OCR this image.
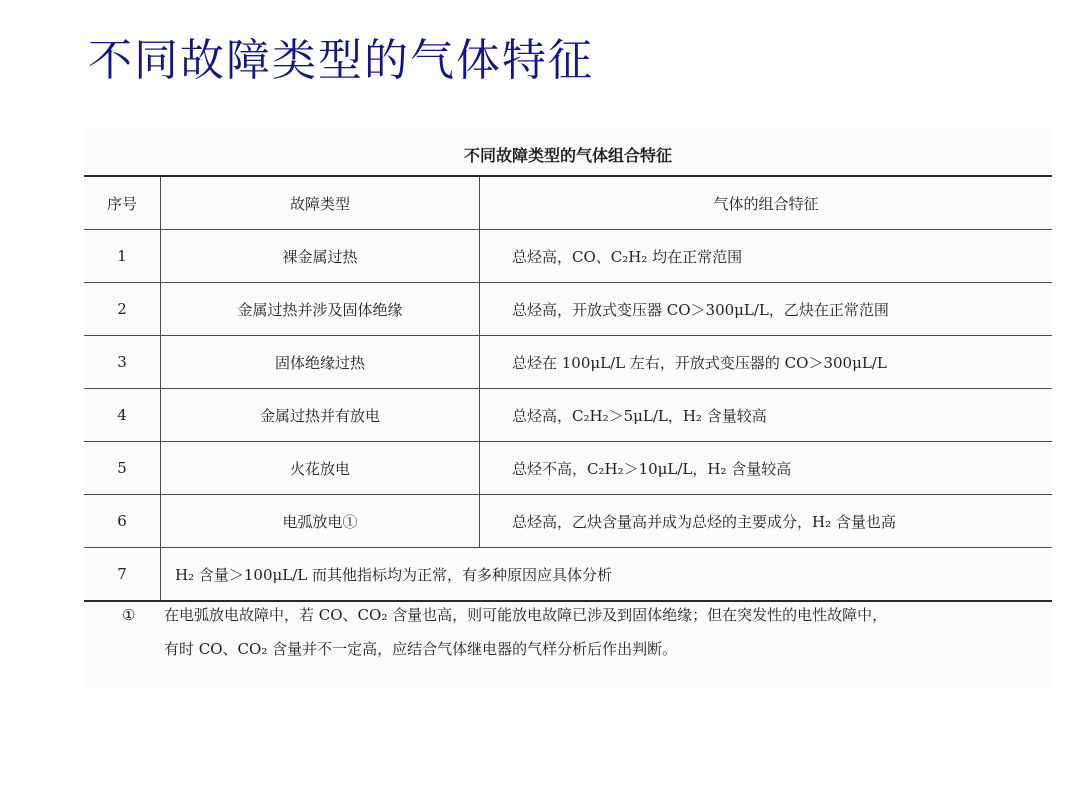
不同故障类型的气体特征

不同故障类型的气体组合特征

序号	故障类型	气体的组合特征
1	裸金属过热	总烃高，CO、C₂H₂ 均在正常范围
2	金属过热并涉及固体绝缘	总烃高，开放式变压器 CO＞300μL/L，乙炔在正常范围
3	固体绝缘过热	总烃在 100μL/L 左右，开放式变压器的 CO＞300μL/L
4	金属过热并有放电	总烃高，C₂H₂＞5μL/L，H₂ 含量较高
5	火花放电	总烃不高，C₂H₂＞10μL/L，H₂ 含量较高
6	电弧放电①	总烃高，乙炔含量高并成为总烃的主要成分，H₂ 含量也高
7	H₂ 含量＞100μL/L 而其他指标均为正常，有多种原因应具体分析	
①	在电弧放电故障中，若 CO、CO₂ 含量也高，则可能放电故障已涉及到固体绝缘；但在突发性的电性故障中，
有时 CO、CO₂ 含量并不一定高，应结合气体继电器的气样分析后作出判断。
